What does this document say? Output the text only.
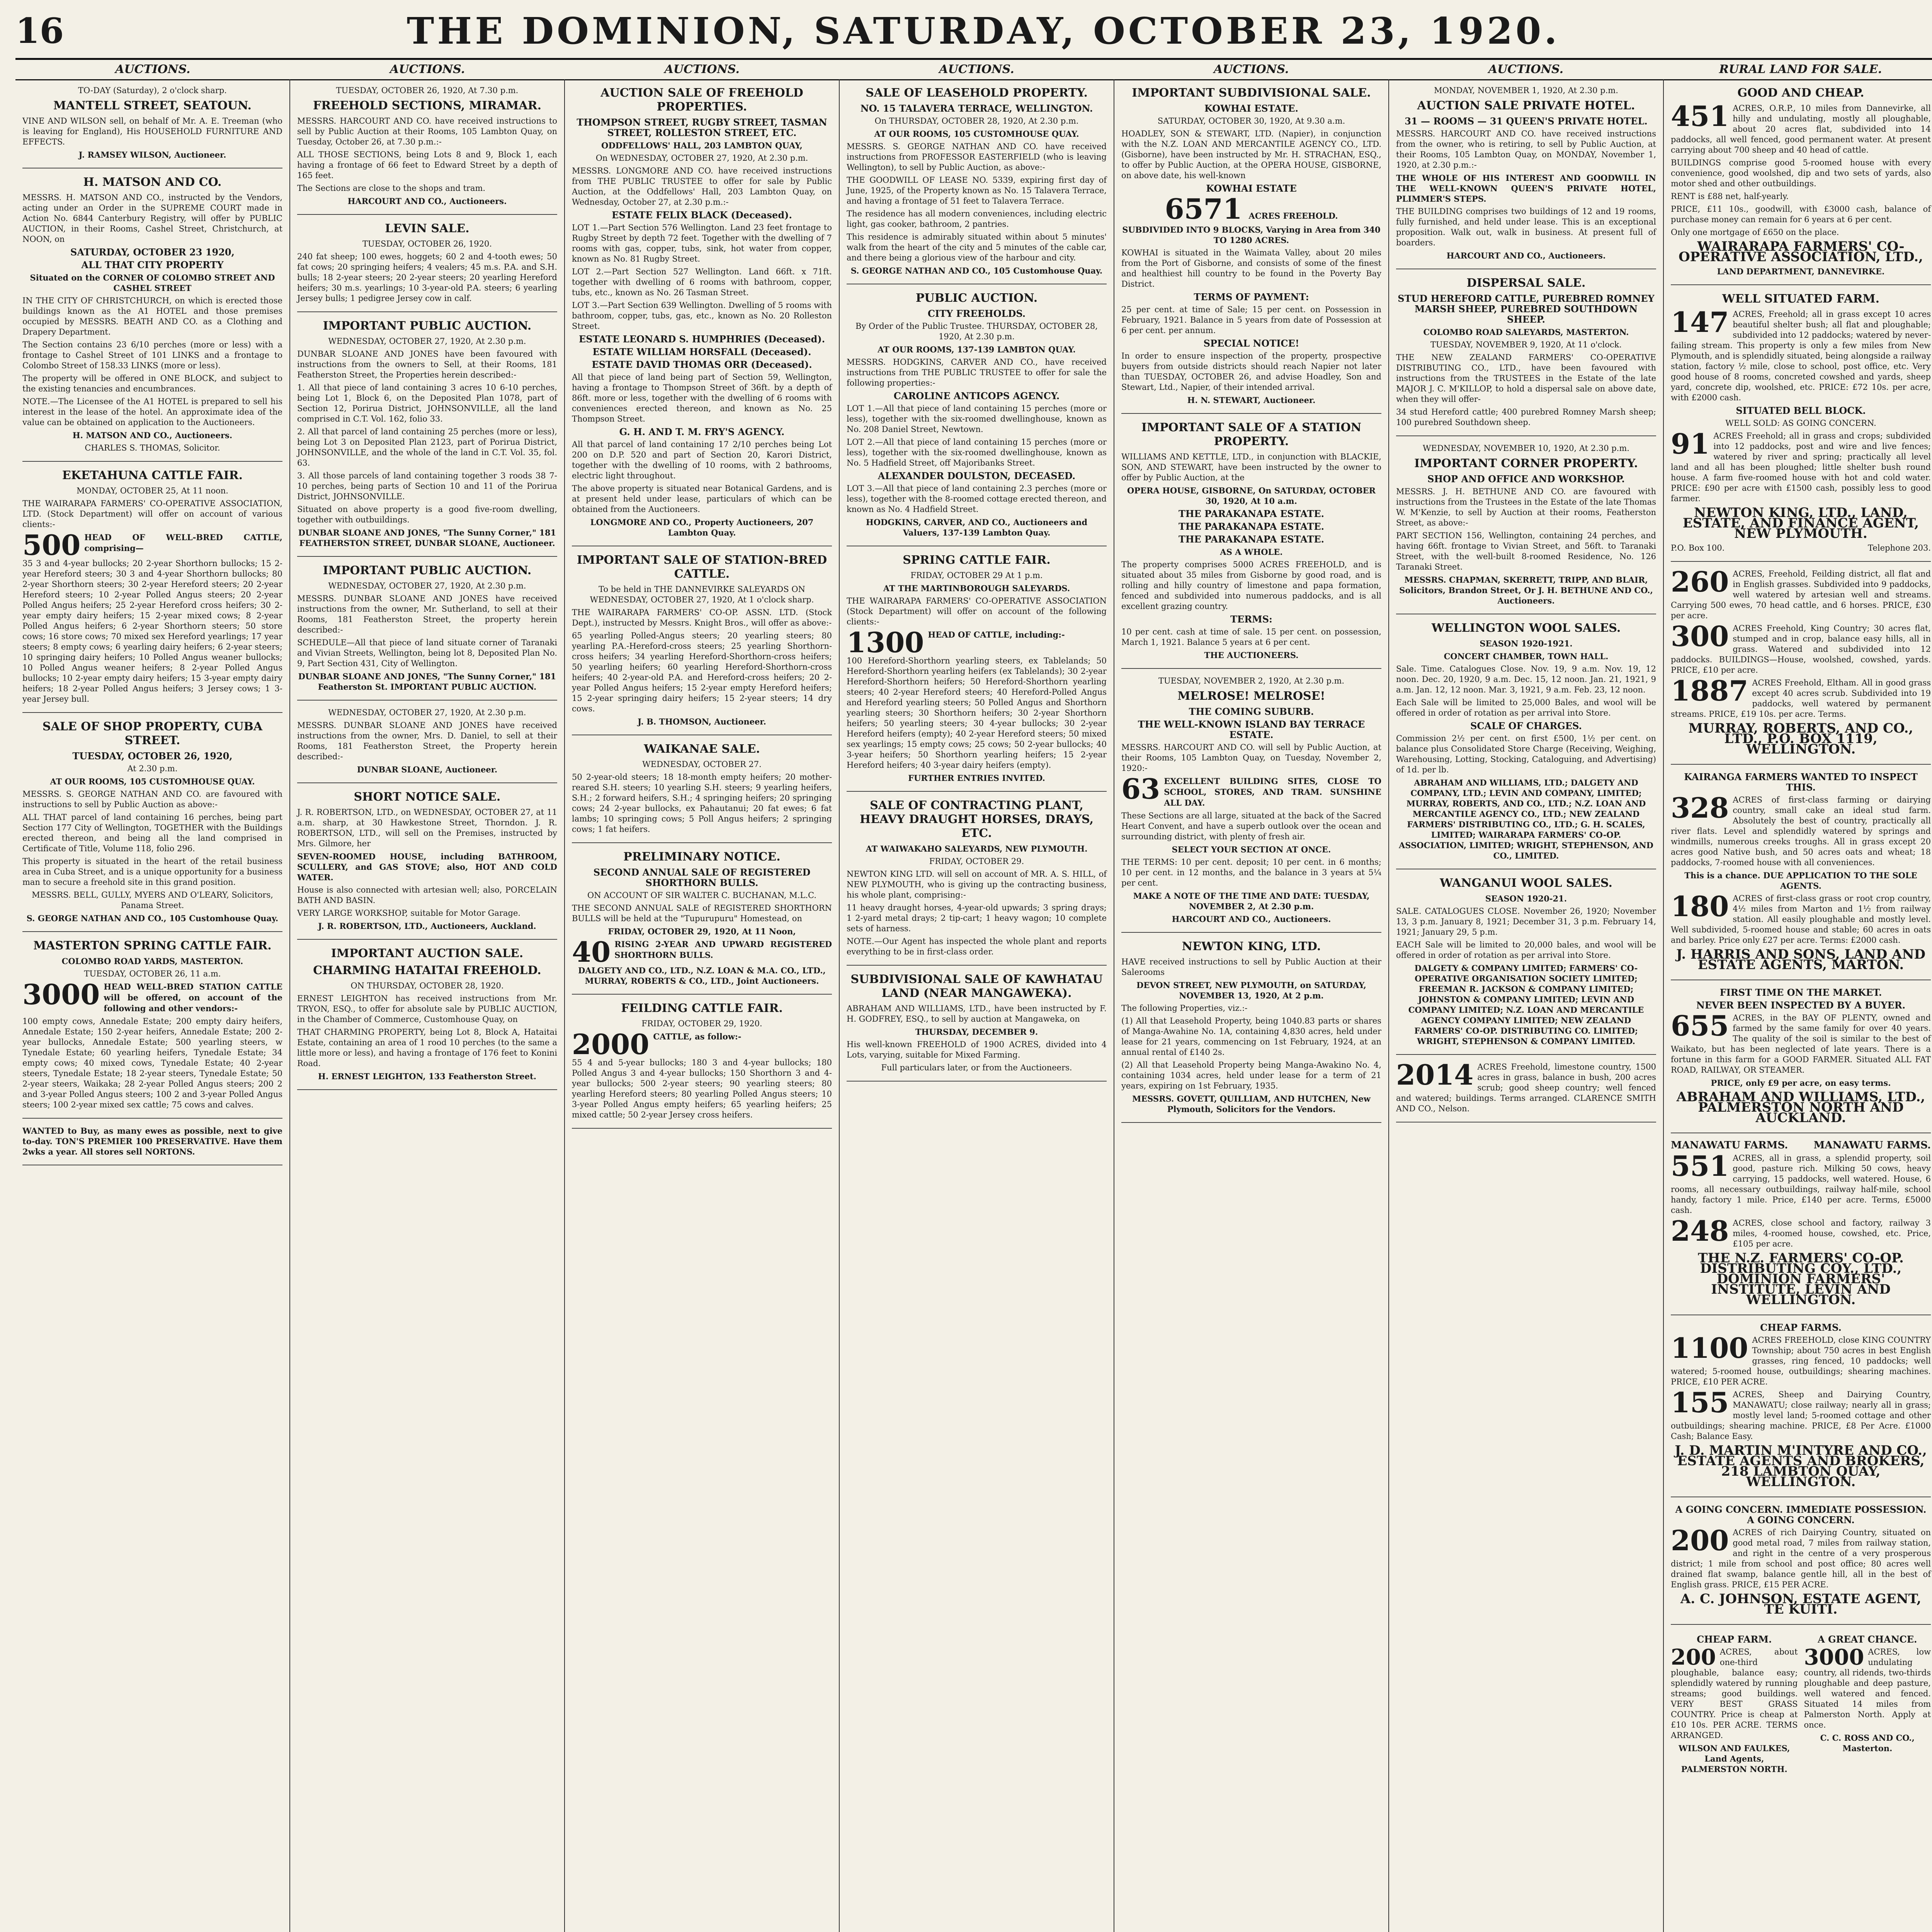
16	THE DOMINION, SATURDAY, OCTOBER 23, 1920.
AUCTIONS.	AUCTIONS.	AUCTIONS.	AUCTIONS.	AUCTIONS.	AUCTIONS.	RURAL LAND FOR SALE.

TO-DAY (Saturday), 2 o'clock sharp.

MANTELL STREET, SEATOUN.

VINE AND WILSON sell, on behalf of Mr. A. E. Treeman (who is leaving for England), His HOUSEHOLD FURNITURE AND EFFECTS.

J. RAMSEY WILSON, Auctioneer.

H. MATSON AND CO.

MESSRS. H. MATSON AND CO., instructed by the Vendors, acting under an Order in the SUPREME COURT made in Action No. 6844 Canterbury Registry, will offer by PUBLIC AUCTION, in their Rooms, Cashel Street, Christchurch, at NOON, on

SATURDAY, OCTOBER 23 1920,
ALL THAT CITY PROPERTY

Situated on the CORNER OF COLOMBO STREET AND CASHEL STREET

IN THE CITY OF CHRISTCHURCH, on which is erected those buildings known as the A1 HOTEL and those premises occupied by MESSRS. BEATH AND CO. as a Clothing and Drapery Department.

The Section contains 23 6/10 perches (more or less) with a frontage to Cashel Street of 101 LINKS and a frontage to Colombo Street of 158.33 LINKS (more or less).

The property will be offered in ONE BLOCK, and subject to the existing tenancies and encumbrances.

NOTE.—The Licensee of the A1 HOTEL is prepared to sell his interest in the lease of the hotel. An approximate idea of the value can be obtained on application to the Auctioneers.

H. MATSON AND CO., Auctioneers.

CHARLES S. THOMAS, Solicitor.

EKETAHUNA CATTLE FAIR.

MONDAY, OCTOBER 25, At 11 noon.

THE WAIRARAPA FARMERS' CO-OPERATIVE ASSOCIATION, LTD. (Stock Department) will offer on account of various clients:-

500 HEAD OF WELL-BRED CATTLE, comprising—

35 3 and 4-year bullocks; 20 2-year Shorthorn bullocks; 15 2-year Hereford steers; 30 3 and 4-year Shorthorn bullocks; 80 2-year Shorthorn steers; 30 2-year Hereford steers; 20 2-year Hereford steers; 10 2-year Polled Angus steers; 20 2-year Polled Angus heifers; 25 2-year Hereford cross heifers; 30 2-year empty dairy heifers; 15 2-year mixed cows; 8 2-year Polled Angus heifers; 6 2-year Shorthorn steers; 50 store cows; 16 store cows; 70 mixed sex Hereford yearlings; 17 year steers; 8 empty cows; 6 yearling dairy heifers; 6 2-year steers; 10 springing dairy heifers; 10 Polled Angus weaner bullocks; 10 Polled Angus weaner heifers; 8 2-year Polled Angus bullocks; 10 2-year empty dairy heifers; 15 3-year empty dairy heifers; 18 2-year Polled Angus heifers; 3 Jersey cows; 1 3-year Jersey bull.

SALE OF SHOP PROPERTY, CUBA STREET.
TUESDAY, OCTOBER 26, 1920,

At 2.30 p.m.

AT OUR ROOMS, 105 CUSTOMHOUSE QUAY.

MESSRS. S. GEORGE NATHAN AND CO. are favoured with instructions to sell by Public Auction as above:-

ALL THAT parcel of land containing 16 perches, being part Section 177 City of Wellington, TOGETHER with the Buildings erected thereon, and being all the land comprised in Certificate of Title, Volume 118, folio 296.

This property is situated in the heart of the retail business area in Cuba Street, and is a unique opportunity for a business man to secure a freehold site in this grand position.

MESSRS. BELL, GULLY, MYERS AND O'LEARY, Solicitors, Panama Street.

S. GEORGE NATHAN AND CO., 105 Customhouse Quay.

MASTERTON SPRING CATTLE FAIR.

COLOMBO ROAD YARDS, MASTERTON.

TUESDAY, OCTOBER 26, 11 a.m.

3000 HEAD WELL-BRED STATION CATTLE will be offered, on account of the following and other vendors:-

100 empty cows, Annedale Estate; 200 empty dairy heifers, Annedale Estate; 150 2-year heifers, Annedale Estate; 200 2-year bullocks, Annedale Estate; 500 yearling steers, w Tynedale Estate; 60 yearling heifers, Tynedale Estate; 34 empty cows; 40 mixed cows, Tynedale Estate; 40 2-year steers, Tynedale Estate; 18 2-year steers, Tynedale Estate; 50 2-year steers, Waikaka; 28 2-year Polled Angus steers; 200 2 and 3-year Polled Angus steers; 100 2 and 3-year Polled Angus steers; 100 2-year mixed sex cattle; 75 cows and calves.

WANTED to Buy, as many ewes as possible, next to give to-day. TON'S PREMIER 100 PRESERVATIVE. Have them 2wks a year. All stores sell NORTONS.

TUESDAY, OCTOBER 26, 1920, At 7.30 p.m.

FREEHOLD SECTIONS, MIRAMAR.

MESSRS. HARCOURT AND CO. have received instructions to sell by Public Auction at their Rooms, 105 Lambton Quay, on Tuesday, October 26, at 7.30 p.m.:-

ALL THOSE SECTIONS, being Lots 8 and 9, Block 1, each having a frontage of 66 feet to Edward Street by a depth of 165 feet.

The Sections are close to the shops and tram.

HARCOURT AND CO., Auctioneers.

LEVIN SALE.

TUESDAY, OCTOBER 26, 1920.

240 fat sheep; 100 ewes, hoggets; 60 2 and 4-tooth ewes; 50 fat cows; 20 springing heifers; 4 vealers; 45 m.s. P.A. and S.H. bulls; 18 2-year steers; 20 2-year steers; 20 yearling Hereford heifers; 30 m.s. yearlings; 10 3-year-old P.A. steers; 6 yearling Jersey bulls; 1 pedigree Jersey cow in calf.

IMPORTANT PUBLIC AUCTION.

WEDNESDAY, OCTOBER 27, 1920, At 2.30 p.m.

DUNBAR SLOANE AND JONES have been favoured with instructions from the owners to Sell, at their Rooms, 181 Featherston Street, the Properties herein described:-

1. All that piece of land containing 3 acres 10 6-10 perches, being Lot 1, Block 6, on the Deposited Plan 1078, part of Section 12, Porirua District, JOHNSONVILLE, all the land comprised in C.T. Vol. 162, folio 33.

2. All that parcel of land containing 25 perches (more or less), being Lot 3 on Deposited Plan 2123, part of Porirua District, JOHNSONVILLE, and the whole of the land in C.T. Vol. 35, fol. 63.

3. All those parcels of land containing together 3 roods 38 7-10 perches, being parts of Section 10 and 11 of the Porirua District, JOHNSONVILLE.

Situated on above property is a good five-room dwelling, together with outbuildings.

DUNBAR SLOANE AND JONES, "The Sunny Corner," 181 FEATHERSTON STREET, DUNBAR SLOANE, Auctioneer.

IMPORTANT PUBLIC AUCTION.

WEDNESDAY, OCTOBER 27, 1920, At 2.30 p.m.

MESSRS. DUNBAR SLOANE AND JONES have received instructions from the owner, Mr. Sutherland, to sell at their Rooms, 181 Featherston Street, the property herein described:-

SCHEDULE—All that piece of land situate corner of Taranaki and Vivian Streets, Wellington, being lot 8, Deposited Plan No. 9, Part Section 431, City of Wellington.

DUNBAR SLOANE AND JONES, "The Sunny Corner," 181 Featherston St. IMPORTANT PUBLIC AUCTION.

WEDNESDAY, OCTOBER 27, 1920, At 2.30 p.m.

MESSRS. DUNBAR SLOANE AND JONES have received instructions from the owner, Mrs. D. Daniel, to sell at their Rooms, 181 Featherston Street, the Property herein described:-

DUNBAR SLOANE, Auctioneer.

SHORT NOTICE SALE.

J. R. ROBERTSON, LTD., on WEDNESDAY, OCTOBER 27, at 11 a.m. sharp, at 30 Hawkestone Street, Thorndon. J. R. ROBERTSON, LTD., will sell on the Premises, instructed by Mrs. Gilmore, her

SEVEN-ROOMED HOUSE, including BATHROOM, SCULLERY, and GAS STOVE; also, HOT AND COLD WATER.

House is also connected with artesian well; also, PORCELAIN BATH AND BASIN.

VERY LARGE WORKSHOP, suitable for Motor Garage.

J. R. ROBERTSON, LTD., Auctioneers, Auckland.

IMPORTANT AUCTION SALE.
CHARMING HATAITAI FREEHOLD.

ON THURSDAY, OCTOBER 28, 1920.

ERNEST LEIGHTON has received instructions from Mr. TRYON, ESQ., to offer for absolute sale by PUBLIC AUCTION, in the Chamber of Commerce, Customhouse Quay, on

THAT CHARMING PROPERTY, being Lot 8, Block A, Hataitai Estate, containing an area of 1 rood 10 perches (to the same a little more or less), and having a frontage of 176 feet to Konini Road.

H. ERNEST LEIGHTON, 133 Featherston Street.

AUCTION SALE OF FREEHOLD PROPERTIES.
THOMPSON STREET, RUGBY STREET, TASMAN STREET, ROLLESTON STREET, ETC.

ODDFELLOWS' HALL, 203 LAMBTON QUAY,

On WEDNESDAY, OCTOBER 27, 1920, At 2.30 p.m.

MESSRS. LONGMORE AND CO. have received instructions from THE PUBLIC TRUSTEE to offer for sale by Public Auction, at the Oddfellows' Hall, 203 Lambton Quay, on Wednesday, October 27, at 2.30 p.m.:-

ESTATE FELIX BLACK (Deceased).

LOT 1.—Part Section 576 Wellington. Land 23 feet frontage to Rugby Street by depth 72 feet. Together with the dwelling of 7 rooms with gas, copper, tubs, sink, hot water from copper, known as No. 81 Rugby Street.

LOT 2.—Part Section 527 Wellington. Land 66ft. x 71ft. together with dwelling of 6 rooms with bathroom, copper, tubs, etc., known as No. 26 Tasman Street.

LOT 3.—Part Section 639 Wellington. Dwelling of 5 rooms with bathroom, copper, tubs, gas, etc., known as No. 20 Rolleston Street.

ESTATE LEONARD S. HUMPHRIES (Deceased).
ESTATE WILLIAM HORSFALL (Deceased).
ESTATE DAVID THOMAS ORR (Deceased).

All that piece of land being part of Section 59, Wellington, having a frontage to Thompson Street of 36ft. by a depth of 86ft. more or less, together with the dwelling of 6 rooms with conveniences erected thereon, and known as No. 25 Thompson Street.

G. H. AND T. M. FRY'S AGENCY.

All that parcel of land containing 17 2/10 perches being Lot 200 on D.P. 520 and part of Section 20, Karori District, together with the dwelling of 10 rooms, with 2 bathrooms, electric light throughout.

The above property is situated near Botanical Gardens, and is at present held under lease, particulars of which can be obtained from the Auctioneers.

LONGMORE AND CO., Property Auctioneers, 207 Lambton Quay.

IMPORTANT SALE OF STATION-BRED CATTLE.

To be held in THE DANNEVIRKE SALEYARDS ON WEDNESDAY, OCTOBER 27, 1920, At 1 o'clock sharp.

THE WAIRARAPA FARMERS' CO-OP. ASSN. LTD. (Stock Dept.), instructed by Messrs. Knight Bros., will offer as above:-

65 yearling Polled-Angus steers; 20 yearling steers; 80 yearling P.A.-Hereford-cross steers; 25 yearling Shorthorn-cross heifers; 34 yearling Hereford-Shorthorn-cross heifers; 50 yearling heifers; 60 yearling Hereford-Shorthorn-cross heifers; 40 2-year-old P.A. and Hereford-cross heifers; 20 2-year Polled Angus heifers; 15 2-year empty Hereford heifers; 15 2-year springing dairy heifers; 15 2-year steers; 14 dry cows.

J. B. THOMSON, Auctioneer.

WAIKANAE SALE.

WEDNESDAY, OCTOBER 27.

50 2-year-old steers; 18 18-month empty heifers; 20 mother-reared S.H. steers; 10 yearling S.H. steers; 9 yearling heifers, S.H.; 2 forward heifers, S.H.; 4 springing heifers; 20 springing cows; 24 2-year bullocks, ex Pahautanui; 20 fat ewes; 6 fat lambs; 10 springing cows; 5 Poll Angus heifers; 2 springing cows; 1 fat heifers.

PRELIMINARY NOTICE.
SECOND ANNUAL SALE OF REGISTERED SHORTHORN BULLS.

ON ACCOUNT OF SIR WALTER C. BUCHANAN, M.L.C.

THE SECOND ANNUAL SALE of REGISTERED SHORTHORN BULLS will be held at the "Tupurupuru" Homestead, on

FRIDAY, OCTOBER 29, 1920, At 11 Noon,

40 RISING 2-YEAR AND UPWARD REGISTERED SHORTHORN BULLS.

DALGETY AND CO., LTD., N.Z. LOAN & M.A. CO., LTD., MURRAY, ROBERTS & CO., LTD., Joint Auctioneers.

FEILDING CATTLE FAIR.

FRIDAY, OCTOBER 29, 1920.

2000 CATTLE, as follow:-

55 4 and 5-year bullocks; 180 3 and 4-year bullocks; 180 Polled Angus 3 and 4-year bullocks; 150 Shorthorn 3 and 4-year bullocks; 500 2-year steers; 90 yearling steers; 80 yearling Hereford steers; 80 yearling Polled Angus steers; 10 3-year Polled Angus empty heifers; 65 yearling heifers; 25 mixed cattle; 50 2-year Jersey cross heifers.

SALE OF LEASEHOLD PROPERTY.
NO. 15 TALAVERA TERRACE, WELLINGTON.

On THURSDAY, OCTOBER 28, 1920, At 2.30 p.m.

AT OUR ROOMS, 105 CUSTOMHOUSE QUAY.

MESSRS. S. GEORGE NATHAN AND CO. have received instructions from PROFESSOR EASTERFIELD (who is leaving Wellington), to sell by Public Auction, as above:-

THE GOODWILL OF LEASE NO. 5339, expiring first day of June, 1925, of the Property known as No. 15 Talavera Terrace, and having a frontage of 51 feet to Talavera Terrace.

The residence has all modern conveniences, including electric light, gas cooker, bathroom, 2 pantries.

This residence is admirably situated within about 5 minutes' walk from the heart of the city and 5 minutes of the cable car, and there being a glorious view of the harbour and city.

S. GEORGE NATHAN AND CO., 105 Customhouse Quay.

PUBLIC AUCTION.
CITY FREEHOLDS.

By Order of the Public Trustee. THURSDAY, OCTOBER 28, 1920, At 2.30 p.m.

AT OUR ROOMS, 137-139 LAMBTON QUAY.

MESSRS. HODGKINS, CARVER AND CO., have received instructions from THE PUBLIC TRUSTEE to offer for sale the following properties:-

CAROLINE ANTICOPS AGENCY.

LOT 1.—All that piece of land containing 15 perches (more or less), together with the six-roomed dwellinghouse, known as No. 208 Daniel Street, Newtown.

LOT 2.—All that piece of land containing 15 perches (more or less), together with the six-roomed dwellinghouse, known as No. 5 Hadfield Street, off Majoribanks Street.

ALEXANDER DOULSTON, DECEASED.

LOT 3.—All that piece of land containing 2.3 perches (more or less), together with the 8-roomed cottage erected thereon, and known as No. 4 Hadfield Street.

HODGKINS, CARVER, AND CO., Auctioneers and Valuers, 137-139 Lambton Quay.

SPRING CATTLE FAIR.

FRIDAY, OCTOBER 29 At 1 p.m.

AT THE MARTINBOROUGH SALEYARDS.

THE WAIRARAPA FARMERS' CO-OPERATIVE ASSOCIATION (Stock Department) will offer on account of the following clients:-

1300 HEAD OF CATTLE, including:-

100 Hereford-Shorthorn yearling steers, ex Tablelands; 50 Hereford-Shorthorn yearling heifers (ex Tablelands); 30 2-year Hereford-Shorthorn heifers; 50 Hereford-Shorthorn yearling steers; 40 2-year Hereford steers; 40 Hereford-Polled Angus and Hereford yearling steers; 50 Polled Angus and Shorthorn yearling steers; 30 Shorthorn heifers; 30 2-year Shorthorn heifers; 50 yearling steers; 30 4-year bullocks; 30 2-year Hereford heifers (empty); 40 2-year Hereford steers; 50 mixed sex yearlings; 15 empty cows; 25 cows; 50 2-year bullocks; 40 3-year heifers; 50 Shorthorn yearling heifers; 15 2-year Hereford heifers; 40 3-year dairy heifers (empty).

FURTHER ENTRIES INVITED.

SALE OF CONTRACTING PLANT, HEAVY DRAUGHT HORSES, DRAYS, ETC.

AT WAIWAKAHO SALEYARDS, NEW PLYMOUTH.

FRIDAY, OCTOBER 29.

NEWTON KING LTD. will sell on account of MR. A. S. HILL, of NEW PLYMOUTH, who is giving up the contracting business, his whole plant, comprising:-

11 heavy draught horses, 4-year-old upwards; 3 spring drays; 1 2-yard metal drays; 2 tip-cart; 1 heavy wagon; 10 complete sets of harness.

NOTE.—Our Agent has inspected the whole plant and reports everything to be in first-class order.

SUBDIVISIONAL SALE OF KAWHATAU LAND (NEAR MANGAWEKA).

ABRAHAM AND WILLIAMS, LTD., have been instructed by F. H. GODFREY, ESQ., to sell by auction at Mangaweka, on

THURSDAY, DECEMBER 9.

His well-known FREEHOLD of 1900 ACRES, divided into 4 Lots, varying, suitable for Mixed Farming.

Full particulars later, or from the Auctioneers.

IMPORTANT SUBDIVISIONAL SALE.
KOWHAI ESTATE.

SATURDAY, OCTOBER 30, 1920, At 9.30 a.m.

HOADLEY, SON & STEWART, LTD. (Napier), in conjunction with the N.Z. LOAN AND MERCANTILE AGENCY CO., LTD. (Gisborne), have been instructed by Mr. H. STRACHAN, ESQ., to offer by Public Auction, at the OPERA HOUSE, GISBORNE, on above date, his well-known

KOWHAI ESTATE

6571 ACRES FREEHOLD.

SUBDIVIDED INTO 9 BLOCKS, Varying in Area from 340 TO 1280 ACRES.

KOWHAI is situated in the Waimata Valley, about 20 miles from the Port of Gisborne, and consists of some of the finest and healthiest hill country to be found in the Poverty Bay District.

TERMS OF PAYMENT:

25 per cent. at time of Sale; 15 per cent. on Possession in February, 1921. Balance in 5 years from date of Possession at 6 per cent. per annum.

SPECIAL NOTICE!

In order to ensure inspection of the property, prospective buyers from outside districts should reach Napier not later than TUESDAY, OCTOBER 26, and advise Hoadley, Son and Stewart, Ltd., Napier, of their intended arrival.

H. N. STEWART, Auctioneer.

IMPORTANT SALE OF A STATION PROPERTY.

WILLIAMS AND KETTLE, LTD., in conjunction with BLACKIE, SON, AND STEWART, have been instructed by the owner to offer by Public Auction, at the

OPERA HOUSE, GISBORNE, On SATURDAY, OCTOBER 30, 1920, At 10 a.m.

THE PARAKANAPA ESTATE.
THE PARAKANAPA ESTATE.
THE PARAKANAPA ESTATE.

AS A WHOLE.

The property comprises 5000 ACRES FREEHOLD, and is situated about 35 miles from Gisborne by good road, and is rolling and hilly country of limestone and papa formation, fenced and subdivided into numerous paddocks, and is all excellent grazing country.

TERMS:

10 per cent. cash at time of sale. 15 per cent. on possession, March 1, 1921. Balance 5 years at 6 per cent.

THE AUCTIONEERS.

TUESDAY, NOVEMBER 2, 1920, At 2.30 p.m.

MELROSE! MELROSE!
THE COMING SUBURB.
THE WELL-KNOWN ISLAND BAY TERRACE ESTATE.

MESSRS. HARCOURT AND CO. will sell by Public Auction, at their Rooms, 105 Lambton Quay, on Tuesday, November 2, 1920:-

63 EXCELLENT BUILDING SITES, CLOSE TO SCHOOL, STORES, AND TRAM. SUNSHINE ALL DAY.

These Sections are all large, situated at the back of the Sacred Heart Convent, and have a superb outlook over the ocean and surrounding district, with plenty of fresh air.

SELECT YOUR SECTION AT ONCE.

THE TERMS: 10 per cent. deposit; 10 per cent. in 6 months; 10 per cent. in 12 months, and the balance in 3 years at 5¼ per cent.

MAKE A NOTE OF THE TIME AND DATE: TUESDAY, NOVEMBER 2, At 2.30 p.m.

HARCOURT AND CO., Auctioneers.

NEWTON KING, LTD.

HAVE received instructions to sell by Public Auction at their Salerooms

DEVON STREET, NEW PLYMOUTH, on SATURDAY, NOVEMBER 13, 1920, At 2 p.m.

The following Properties, viz.:-

(1) All that Leasehold Property, being 1040.83 parts or shares of Manga-Awahine No. 1A, containing 4,830 acres, held under lease for 21 years, commencing on 1st February, 1924, at an annual rental of £140 2s.

(2) All that Leasehold Property being Manga-Awakino No. 4, containing 1034 acres, held under lease for a term of 21 years, expiring on 1st February, 1935.

MESSRS. GOVETT, QUILLIAM, AND HUTCHEN, New Plymouth, Solicitors for the Vendors.

MONDAY, NOVEMBER 1, 1920, At 2.30 p.m.

AUCTION SALE PRIVATE HOTEL.
31 — ROOMS — 31 QUEEN'S PRIVATE HOTEL.

MESSRS. HARCOURT AND CO. have received instructions from the owner, who is retiring, to sell by Public Auction, at their Rooms, 105 Lambton Quay, on MONDAY, November 1, 1920, at 2.30 p.m.:-

THE WHOLE OF HIS INTEREST AND GOODWILL IN THE WELL-KNOWN QUEEN'S PRIVATE HOTEL, PLIMMER'S STEPS.

THE BUILDING comprises two buildings of 12 and 19 rooms, fully furnished, and held under lease. This is an exceptional proposition. Walk out, walk in business. At present full of boarders.

HARCOURT AND CO., Auctioneers.

DISPERSAL SALE.
STUD HEREFORD CATTLE, PUREBRED ROMNEY MARSH SHEEP, PUREBRED SOUTHDOWN SHEEP.

COLOMBO ROAD SALEYARDS, MASTERTON.

TUESDAY, NOVEMBER 9, 1920, At 11 o'clock.

THE NEW ZEALAND FARMERS' CO-OPERATIVE DISTRIBUTING CO., LTD., have been favoured with instructions from the TRUSTEES in the Estate of the late MAJOR J. C. M'KILLOP, to hold a dispersal sale on above date, when they will offer-

34 stud Hereford cattle; 400 purebred Romney Marsh sheep; 100 purebred Southdown sheep.

WEDNESDAY, NOVEMBER 10, 1920, At 2.30 p.m.

IMPORTANT CORNER PROPERTY.
SHOP AND OFFICE AND WORKSHOP.

MESSRS. J. H. BETHUNE AND CO. are favoured with instructions from the Trustees in the Estate of the late Thomas W. M'Kenzie, to sell by Auction at their rooms, Featherston Street, as above:-

PART SECTION 156, Wellington, containing 24 perches, and having 66ft. frontage to Vivian Street, and 56ft. to Taranaki Street, with the well-built 8-roomed Residence, No. 126 Taranaki Street.

MESSRS. CHAPMAN, SKERRETT, TRIPP, AND BLAIR, Solicitors, Brandon Street, Or J. H. BETHUNE AND CO., Auctioneers.

WELLINGTON WOOL SALES.

SEASON 1920-1921.

CONCERT CHAMBER, TOWN HALL.

Sale. Time. Catalogues Close. Nov. 19, 9 a.m. Nov. 19, 12 noon. Dec. 20, 1920, 9 a.m. Dec. 15, 12 noon. Jan. 21, 1921, 9 a.m. Jan. 12, 12 noon. Mar. 3, 1921, 9 a.m. Feb. 23, 12 noon.

Each Sale will be limited to 25,000 Bales, and wool will be offered in order of rotation as per arrival into Store.

SCALE OF CHARGES.

Commission 2½ per cent. on first £500, 1½ per cent. on balance plus Consolidated Store Charge (Receiving, Weighing, Warehousing, Lotting, Stocking, Cataloguing, and Advertising) of 1d. per lb.

ABRAHAM AND WILLIAMS, LTD.; DALGETY AND COMPANY, LTD.; LEVIN AND COMPANY, LIMITED; MURRAY, ROBERTS, AND CO., LTD.; N.Z. LOAN AND MERCANTILE AGENCY CO., LTD.; NEW ZEALAND FARMERS' DISTRIBUTING CO., LTD.; G. H. SCALES, LIMITED; WAIRARAPA FARMERS' CO-OP. ASSOCIATION, LIMITED; WRIGHT, STEPHENSON, AND CO., LIMITED.

WANGANUI WOOL SALES.

SEASON 1920-21.

SALE. CATALOGUES CLOSE. November 26, 1920; November 13, 3 p.m. January 8, 1921; December 31, 3 p.m. February 14, 1921; January 29, 5 p.m.

EACH Sale will be limited to 20,000 bales, and wool will be offered in order of rotation as per arrival into Store.

DALGETY & COMPANY LIMITED; FARMERS' CO-OPERATIVE ORGANISATION SOCIETY LIMITED; FREEMAN R. JACKSON & COMPANY LIMITED; JOHNSTON & COMPANY LIMITED; LEVIN AND COMPANY LIMITED; N.Z. LOAN AND MERCANTILE AGENCY COMPANY LIMITED; NEW ZEALAND FARMERS' CO-OP. DISTRIBUTING CO. LIMITED; WRIGHT, STEPHENSON & COMPANY LIMITED.

2014 ACRES Freehold, limestone country, 1500 acres in grass, balance in bush, 200 acres scrub; good sheep country; well fenced and watered; buildings. Terms arranged. CLARENCE SMITH AND CO., Nelson.

GOOD AND CHEAP.

451 ACRES, O.R.P., 10 miles from Dannevirke, all hilly and undulating, mostly all ploughable, about 20 acres flat, subdivided into 14 paddocks, all well fenced, good permanent water. At present carrying about 700 sheep and 40 head of cattle.

BUILDINGS comprise good 5-roomed house with every convenience, good woolshed, dip and two sets of yards, also motor shed and other outbuildings.

RENT is £88 net, half-yearly.

PRICE, £11 10s., goodwill, with £3000 cash, balance of purchase money can remain for 6 years at 6 per cent.

Only one mortgage of £650 on the place.

WAIRARAPA FARMERS' CO-OPERATIVE ASSOCIATION, LTD.,

LAND DEPARTMENT, DANNEVIRKE.

WELL SITUATED FARM.

147 ACRES, Freehold; all in grass except 10 acres beautiful shelter bush; all flat and ploughable; subdivided into 12 paddocks; watered by never-failing stream. This property is only a few miles from New Plymouth, and is splendidly situated, being alongside a railway station, factory ½ mile, close to school, post office, etc. Very good house of 8 rooms, concreted cowshed and yards, sheep yard, concrete dip, woolshed, etc. PRICE: £72 10s. per acre, with £2000 cash.

SITUATED BELL BLOCK.

WELL SOLD: AS GOING CONCERN.

91 ACRES Freehold; all in grass and crops; subdivided into 12 paddocks, post and wire and live fences; watered by river and spring; practically all level land and all has been ploughed; little shelter bush round house. A farm five-roomed house with hot and cold water. PRICE: £90 per acre with £1500 cash, possibly less to good farmer.

NEWTON KING, LTD., LAND, ESTATE, AND FINANCE AGENT, NEW PLYMOUTH.

P.O. Box 100.	Telephone 203.

260 ACRES, Freehold, Feilding district, all flat and in English grasses. Subdivided into 9 paddocks, well watered by artesian well and streams. Carrying 500 ewes, 70 head cattle, and 6 horses. PRICE, £30 per acre.

300 ACRES Freehold, King Country; 30 acres flat, stumped and in crop, balance easy hills, all in grass. Watered and subdivided into 12 paddocks. BUILDINGS—House, woolshed, cowshed, yards. PRICE, £10 per acre.

1887 ACRES Freehold, Eltham. All in good grass except 40 acres scrub. Subdivided into 19 paddocks, well watered by permanent streams. PRICE, £19 10s. per acre. Terms.

MURRAY, ROBERTS, AND CO., LTD., P.O. BOX 1119, WELLINGTON.

KAIRANGA FARMERS WANTED TO INSPECT THIS.

328 ACRES of first-class farming or dairying country, small cake an ideal stud farm. Absolutely the best of country, practically all river flats. Level and splendidly watered by springs and windmills, numerous creeks troughs. All in grass except 20 acres good Native bush, and 50 acres oats and wheat; 18 paddocks, 7-roomed house with all conveniences.

This is a chance. DUE APPLICATION TO THE SOLE AGENTS.

180 ACRES of first-class grass or root crop country, 4½ miles from Marton and 1½ from railway station. All easily ploughable and mostly level. Well subdivided, 5-roomed house and stable; 60 acres in oats and barley. Price only £27 per acre. Terms: £2000 cash.

J. HARRIS AND SONS, LAND AND ESTATE AGENTS, MARTON.

FIRST TIME ON THE MARKET.
NEVER BEEN INSPECTED BY A BUYER.

655 ACRES, in the BAY OF PLENTY, owned and farmed by the same family for over 40 years. The quality of the soil is similar to the best of Waikato, but has been neglected of late years. There is a fortune in this farm for a GOOD FARMER. Situated ALL FAT ROAD, RAILWAY, OR STEAMER.

PRICE, only £9 per acre, on easy terms.

ABRAHAM AND WILLIAMS, LTD., PALMERSTON NORTH AND AUCKLAND.

MANAWATU FARMS.	MANAWATU FARMS.

551 ACRES, all in grass, a splendid property, soil good, pasture rich. Milking 50 cows, heavy carrying, 15 paddocks, well watered. House, 6 rooms, all necessary outbuildings, railway half-mile, school handy, factory 1 mile. Price, £140 per acre. Terms, £5000 cash.

248 ACRES, close school and factory, railway 3 miles, 4-roomed house, cowshed, etc. Price, £105 per acre.

THE N.Z. FARMERS' CO-OP. DISTRIBUTING COY., LTD., DOMINION FARMERS' INSTITUTE, LEVIN AND WELLINGTON.

CHEAP FARMS.

1100 ACRES FREEHOLD, close KING COUNTRY Township; about 750 acres in best English grasses, ring fenced, 10 paddocks; well watered; 5-roomed house, outbuildings; shearing machines. PRICE, £10 PER ACRE.

155 ACRES, Sheep and Dairying Country, MANAWATU; close railway; nearly all in grass; mostly level land; 5-roomed cottage and other outbuildings; shearing machine. PRICE, £8 Per Acre. £1000 Cash; Balance Easy.

J. D. MARTIN M'INTYRE AND CO., ESTATE AGENTS AND BROKERS, 218 LAMBTON QUAY, WELLINGTON.

A GOING CONCERN. IMMEDIATE POSSESSION. A GOING CONCERN.

200 ACRES of rich Dairying Country, situated on good metal road, 7 miles from railway station, and right in the centre of a very prosperous district; 1 mile from school and post office; 80 acres well drained flat swamp, balance gentle hill, all in the best of English grass. PRICE, £15 PER ACRE.

A. C. JOHNSON, ESTATE AGENT, TE KUITI.

CHEAP FARM.

200 ACRES, about one-third ploughable, balance easy; splendidly watered by running streams; good buildings. VERY BEST GRASS COUNTRY. Price is cheap at £10 10s. PER ACRE. TERMS ARRANGED.

WILSON AND FAULKES, Land Agents, PALMERSTON NORTH.

A GREAT CHANCE.

3000 ACRES, low undulating country, all ridends, two-thirds ploughable and deep pasture, well watered and fenced. Situated 14 miles from Palmerston North. Apply at once.

C. C. ROSS AND CO., Masterton.
